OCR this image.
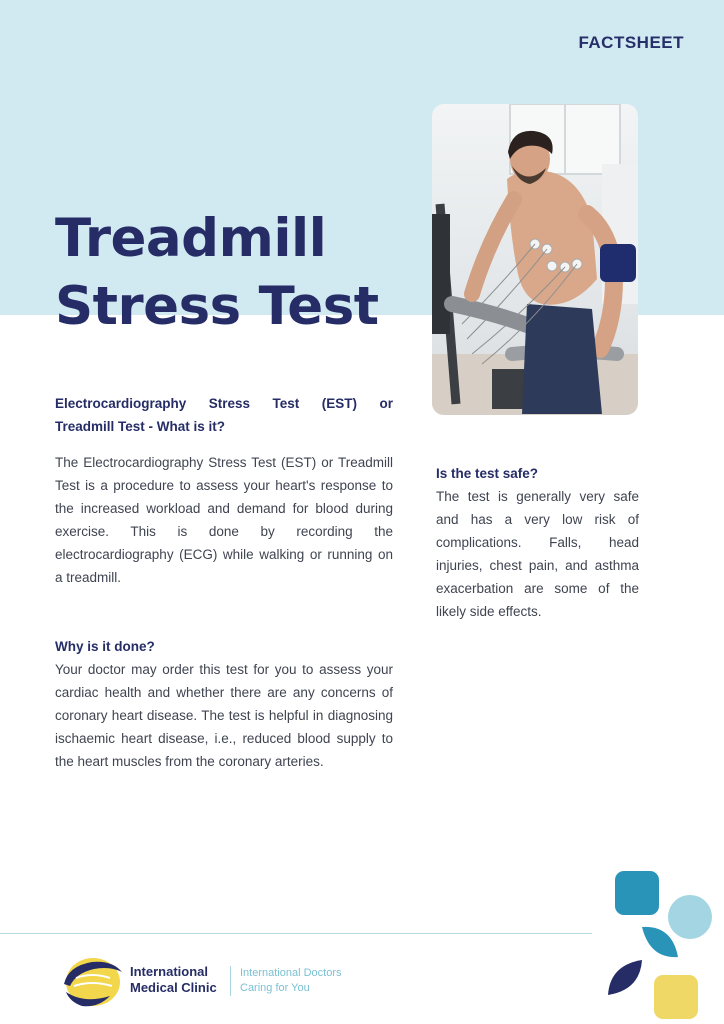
FACTSHEET
Treadmill
Stress Test

Electrocardiography Stress Test (EST) or

Treadmill Test - What is it?

The Electrocardiography Stress Test (EST) or Treadmill Test is a procedure to assess your heart's response to the increased workload and demand for blood during exercise. This is done by recording the electrocardiography (ECG) while walking or running on a treadmill.

Why is it done?

Your doctor may order this test for you to assess your cardiac health and whether there are any concerns of coronary heart disease. The test is helpful in diagnosing ischaemic heart disease, i.e., reduced blood supply to the heart muscles from the coronary arteries.

Is the test safe?

The test is generally very safe and has a very low risk of complications. Falls, head injuries, chest pain, and asthma exacerbation are some of the likely side effects.

International
Medical Clinic
International Doctors
Caring for You
